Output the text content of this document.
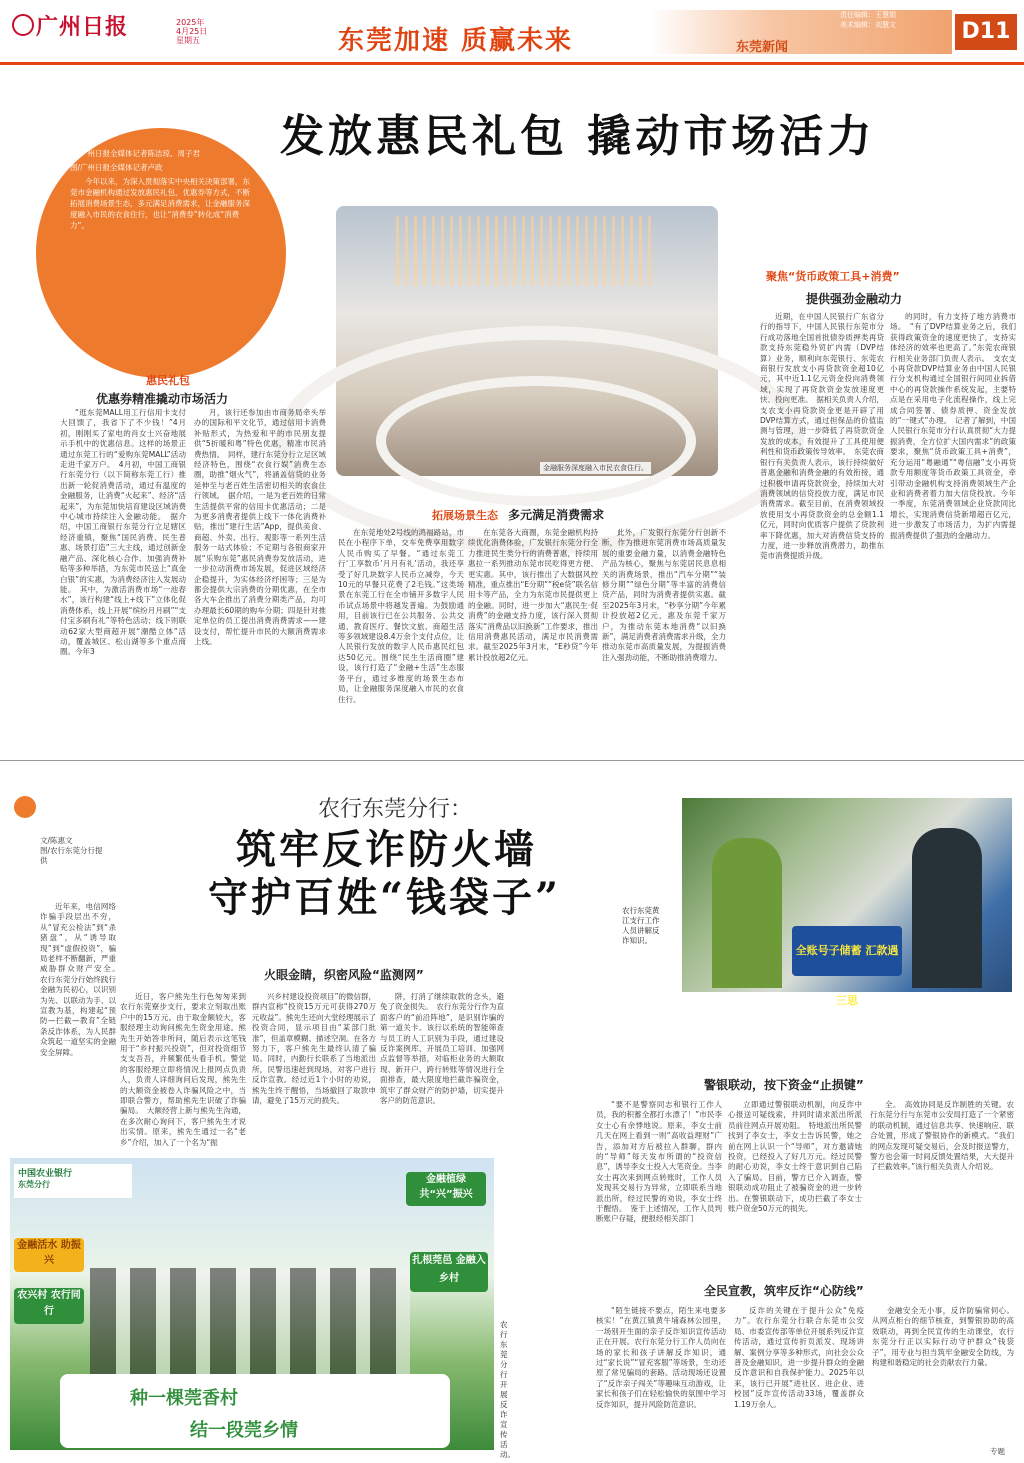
广州日报	2025年
4月25日
星期五	东莞加速 质赢未来	东莞新闻
责任编辑：王慧娟
美术编辑：刘慧文	D11
发放惠民礼包 撬动市场活力

文/广州日报全媒体记者陈洁琼、周子君

图/广州日报全媒体记者卢政

今年以来，为深入贯彻落实中央相关决策部署，东莞市金融机构通过发放惠民礼包、优惠券等方式，不断拓展消费场景生态，多元满足消费需求，让金融服务深度融入市民的衣食住行，也让“消费券”转化成“消费力”。

金融服务深度融入市民衣食住行。
惠民礼包
优惠券精准撬动市场活力

“逛东莞MALL用工行信用卡支付大回馈了，我省下了不少钱！”4月初，刚刚买了家电的肖女士兴奋地展示手机中的优惠信息。这样的场景正通过东莞工行的“爱购东莞MALL”活动走进千家万户。　4月初，中国工商银行东莞分行（以下简称东莞工行）推出新一轮促消费活动，通过有温度的金融服务，让消费“火起来”、经济“活起来”，为东莞加快培育建设区域消费中心城市持续注入金融动能。　据介绍，中国工商银行东莞分行立足辖区经济重镇，聚焦“国民消费、民生普惠、场景打造”三大主线，通过创新金融产品、深化核心合作、加强消费补贴等多种举措，为东莞市民送上“真金白银”的实惠，为消费经济注入发展动能。　其中，为激活消费市场“一池春水”，该行构建“线上+线下”立体化促消费体系，线上开展“缤纷月月刷”“支付宝多刷有礼”等特色活动；线下则联动62家大型商超开展“潮酷立体”活动，覆盖城区、松山湖等多个重点商圈。今年3

月，该行还参加由市商务局牵头举办的国际和平文化节，通过信用卡消费补贴形式，为热爱和平的市民朋友提供“5折暖和粤”特色优惠，精准市民消费热情。　同样，建行东莞分行立足区域经济特色，围绕“衣食行娱”消费生态圈，助推“烟火气”，将涵盖信贷的业务延伸至与老百姓生活密切相关的农食住行领域。　据介绍，一是为老百姓的日常生活提供平常的信用卡优惠活动；二是为更多消费者提供上线下一体化消费补贴，推出“建行生活”App，提供美食、商超、外卖、出行、观影等一系列生活服务一站式体验；不定期与各银商家开展“乐购东莞”惠民消费券发放活动，进一步拉动消费市场发展，促进区域经济企稳提升，为实体经济纾困等；三是为都会提供大宗消费的分期优惠，在全市各大车企推出了消费分期类产品，均可办理最长60期的购车分期；四是针对推定单位的员工提出消费消费需求——建设支付，帮忙提升市民的大额消费需求上线。

拓展场景生态 多元满足消费需求

在东莞地处2号线的鸿福路站，市民在小程序下单，交车免费享用数字人民币购买了早餐。“通过东莞工行‘工享数币’月月有礼’活动，我还享受了好几块数字人民币立减券，今天10元的早餐只花费了2毛钱。”这类场景在东莞工行在全市铺开多数字人民币试点场景中将越发普遍。为鼓励通用，目前该行已在公共服务、公共交通、教育医疗、餐饮文旅、商超生活等多领域建设8.4万余个支付点位，让人民银行发放的数字人民币惠民红包达50亿元。围绕“民生生活商圈”建设，该行打造了“金融+生活”生态服务平台，通过多维度的场景生态布局，让金融服务深度融入市民的衣食住行。

在东莞各大商圈，东莞金融机构持续优化消费体验，广发银行东莞分行全力推进民生类分行的消费普惠，持续用惠拉一系列推动东莞市民吃得更方便、更实惠。其中，该行推出了大数据风控精准，重点推出“E分期”“税e贷”联名信用卡等产品，全力为东莞市民提供更上的金融。同时，进一步加大“惠民生·促消费”的金融支持力度，该行深入贯彻落实“消费品以旧换新”工作要求，推出信用消费惠民活动，满足市民消费需求。截至2025年3月末，“E秒贷”今年累计投放超2亿元。

此外，广发银行东莞分行创新不断，作为推进东莞消费市场高质量发展的重要金融力量，以消费金融特色产品为核心，聚焦与东莞居民息息相关的消费场景，推出“汽车分期”“装修分期”“绿色分期”等丰富的消费信贷产品，同时为消费者提供实惠。截至2025年3月末，“秒享分期”今年累计投放超2亿元，惠及东莞千家万户，为推动东莞本地消费“以旧换新”，满足消费者消费需求升级，全力推动东莞市高质量发展，为提振消费注入强劲动能，不断助推消费增力。

聚焦“货币政策工具+消费”
提供强劲金融动力

近期，在中国人民银行广东省分行的指导下，中国人民银行东莞市分行成功落地全国首批债券质押类再贷款支持东莞稳外贸扩内需（DVP结算）业务，顺利向东莞银行、东莞农商银行发放支小再贷款资金超10亿元，其中近1.1亿元资金投向消费领域，实现了再贷款资金发放速度更快、投向更准。　据相关负责人介绍，支农支小再贷款资金更是开辟了用DVP结算方式，通过担保品的价值监测与管理，进一步降低了再贷款资金发放的成本，有效提升了工具使用便利性和货币政策传导效率。　东莞农商银行有关负责人表示，该行持续做好普惠金融和消费金融的有效衔接，通过积极申请再贷款资金，持续加大对消费领域的信贷投放力度，满足市民消费需求。截至目前，在消费领域投放使用支小再贷款资金的总金额1.1亿元，同时向优质客户提供了贷款利率下降优惠，加大对消费信贷支持的力度，进一步释放消费潜力，助推东莞市消费提质升级。

的同时，有力支持了地方消费市场。　“有了DVP结算业务之后，我们获得政策资金的速度更快了，支持实体经济的效率也更高了。”东莞农商银行相关业务部门负责人表示。　支农支小再贷款DVP结算业务由中国人民银行分支机构通过全国银行间同业拆借中心的再贷款操作系统发起，主要特点是在采用电子化流程操作，线上完成合同签署、债券质押、资金发放的“一键式”办理。　记者了解到，中国人民银行东莞市分行认真贯彻“大力提振消费，全方位扩大国内需求”的政策要求，聚焦“货币政策工具+消费”，充分运用“粤融通”“粤信融”支小再贷款专用额度等货币政策工具资金，牵引带动金融机构支持消费领域生产企业和消费者着力加大信贷投放。今年一季度，东莞消费领域企业贷款同比增长，实现消费信贷新增超百亿元，进一步激发了市场活力，为扩内需提振消费提供了强劲的金融动力。

农行东莞分行：
筑牢反诈防火墙
守护百姓“钱袋子”
文/陈惠文
图/农行东莞分行提供

近年来，电信网络诈骗手段层出不穷，从“冒充公检法”到“杀猪盘”，从“诱导取现”到“虚假投资”，骗局老样不断翻新，严重威胁群众财产安全。　农行东莞分行始终践行金融为民初心，以识别为先、以联动为手、以宣教为基，构建起“预防—拦截—教育”全链条反诈体系，为人民群众筑起一道坚实的金融安全屏障。

全账号子储蓄 汇款遇三思
农行东莞黄江支行工作人员讲解反诈知识。
火眼金睛，织密风险“监测网”

近日，客户熊先生行色匆匆来到农行东莞寮步支行，要求立刻取出账户中的15万元。由于取金额较大，客服经理主动询问熊先生资金用途。熊先生开始答非所问，随后表示这笔钱用于“乡村振兴投资”，但对投资细节支支吾吾，并频繁低头看手机。警觉的客服经理立即将情况上报网点负责人，负责人详细询问后发现，熊先生的大额资金被卷入诈骗风险之中，当即联合警方，帮助熊先生识破了诈骗骗局。　大额经营上新与熊先生沟通，在多次耐心询问下，客户熊先生才说出实情。原来，熊先生通过一名“老乡”介绍，加入了一个名为“振

兴乡村建设投资项目”的微信群，群内宣称“投资15万元可获得270万元收益”。熊先生还向大堂经理展示了投资合同，显示项目由“某部门批准”，但盖章模糊、描述空洞。在各方努力下，客户熊先生最终认清了骗局。同时，内勤行长联系了当地派出所，民警迅速赶到现场，对客户进行反诈宣教。经过近1个小时的劝说，熊先生终于醒悟，当场撤回了取款申请，避免了15万元的损失。

阱，打消了继续取款的念头，避免了资金损失。　农行东莞分行作为直面客户的“前沿阵地”，是识别诈骗的第一道关卡。该行以系统的智能筛查与员工的人工识别为手段，通过建设反诈案例库、开展员工培训、加强网点监督等举措，对临柜业务的大额取现、新开户、跨行转账等情况进行全面排查，最大限度地拦截诈骗资金，筑牢了群众财产的防护墙，切实提升客户的防范意识。

警银联动，按下资金“止损键”

“要不是警察同志和银行工作人员，我的积蓄全都打水漂了！”市民李女士心有余悸地说。原来，李女士前几天在网上看到一则“高收益理财”广告，添加对方后被拉入群聊，群内的“导师”每天发布所谓的“投资信息”，诱导李女士投入大笔资金。当李女士再次来到网点转账时，工作人员发现其交易行为异常，立即联系当地派出所，经过民警的劝说，李女士终于醒悟。　鉴于上述情况，工作人员判断账户存疑，便报经相关部门

立即通过警银联动机制，向反诈中心报送可疑线索，并同时请求派出所派员前往网点开展劝阻。　特地派出所民警找到了李女士，李女士告诉民警，她之前在网上认识一个“导师”，对方邀请她投资，已经投入了好几万元。经过民警的耐心劝说，李女士终于意识到自己陷入了骗局。目前，警方已介入调查，警银联动成功阻止了被骗资金的进一步转出。在警银联动下，成功拦截了李女士账户资金50万元的损失。

全。　高效协同是反诈制胜的关键。农行东莞分行与东莞市公安局打造了一个紧密的联动机制，通过信息共享、快速响应、联合处置，形成了警银协作的新模式。“我们的网点发现可疑交易后，会及时报送警方，警方也会第一时间反馈处置结果，大大提升了拦截效率。”该行相关负责人介绍说。

全民宣教，筑牢反诈“心防线”

“陌生链接不要点，陌生来电要多核实！”在黄江镇黄牛埔森林公园里，一场别开生面的亲子反诈知识宣传活动正在开展。农行东莞分行工作人员向在场的家长和孩子讲解反诈知识，通过“家长说”“冒充客服”等场景，生动还原了常见骗局的套路。活动现场还设置了“反诈亲子闯关”等趣味互动游戏，让家长和孩子们在轻松愉快的氛围中学习反诈知识，提升风险防范意识。

反诈的关键在于提升公众“免疫力”。农行东莞分行联合东莞市公安局、市委宣传部等单位开展系列反诈宣传活动，通过宣传折页派发、现场讲解、案例分享等多种形式，向社会公众普及金融知识，进一步提升群众的金融反诈意识和自我保护能力。2025年以来，该行已开展“进社区、进企业、进校园”反诈宣传活动33场，覆盖群众1.19万余人。

金融安全无小事，反诈防骗常伺心。从网点柜台的细节核查，到警银协助的高效联动，再到全民宣传的生动课堂，农行东莞分行正以实际行动守护群众“钱袋子”，用专业与担当筑牢金融安全防线，为构建和谐稳定的社会贡献农行力量。

中国农业银行
东莞分行
金融活水 助振兴
农兴村 农行同行
金融植绿 共“兴”振兴
扎根莞邑 金融入乡村
种一棵莞香村
结一段莞乡情
农行东莞分行开展反诈宣传活动。	专题
